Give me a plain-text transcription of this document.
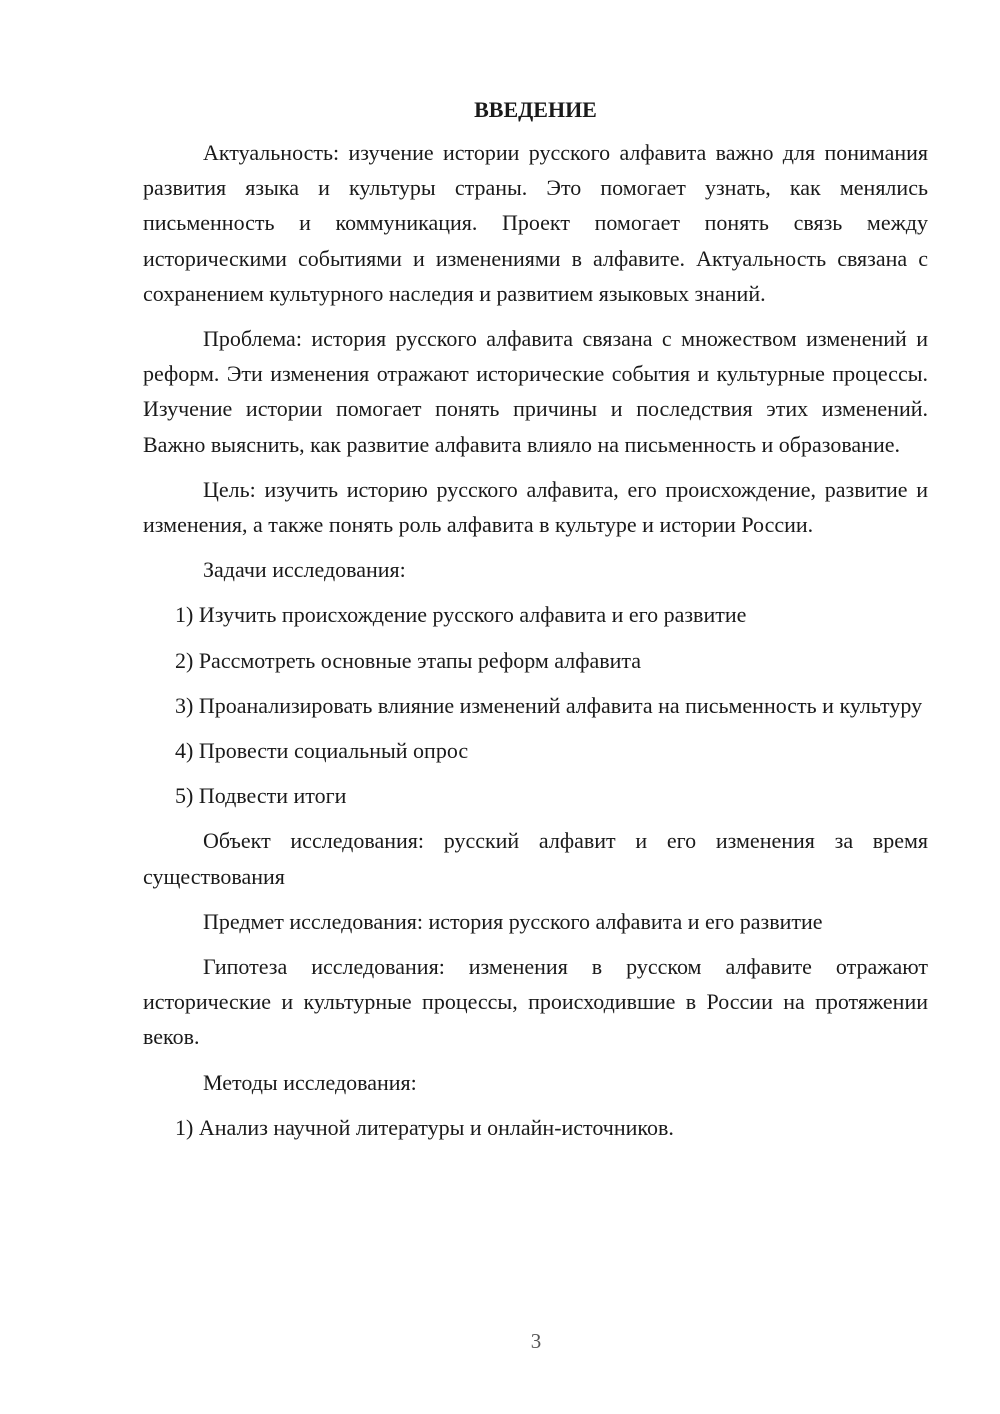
ВВЕДЕНИЕ

Актуальность: изучение истории русского алфавита важно для понимания развития языка и культуры страны. Это помогает узнать, как менялись письменность и коммуникация. Проект помогает понять связь между историческими событиями и изменениями в алфавите. Актуальность связана с сохранением культурного наследия и развитием языковых знаний.

Проблема: история русского алфавита связана с множеством изменений и реформ. Эти изменения отражают исторические события и культурные процессы. Изучение истории помогает понять причины и последствия этих изменений. Важно выяснить, как развитие алфавита влияло на письменность и образование.

Цель: изучить историю русского алфавита, его происхождение, развитие и изменения, а также понять роль алфавита в культуре и истории России.

Задачи исследования:

1) Изучить происхождение русского алфавита и его развитие

2) Рассмотреть основные этапы реформ алфавита

3) Проанализировать влияние изменений алфавита на письменность и культуру

4) Провести социальный опрос

5) Подвести итоги

Объект исследования: русский алфавит и его изменения за время существования

Предмет исследования: история русского алфавита и его развитие

Гипотеза исследования: изменения в русском алфавите отражают исторические и культурные процессы, происходившие в России на протяжении веков.

Методы исследования:

1) Анализ научной литературы и онлайн-источников.

3
